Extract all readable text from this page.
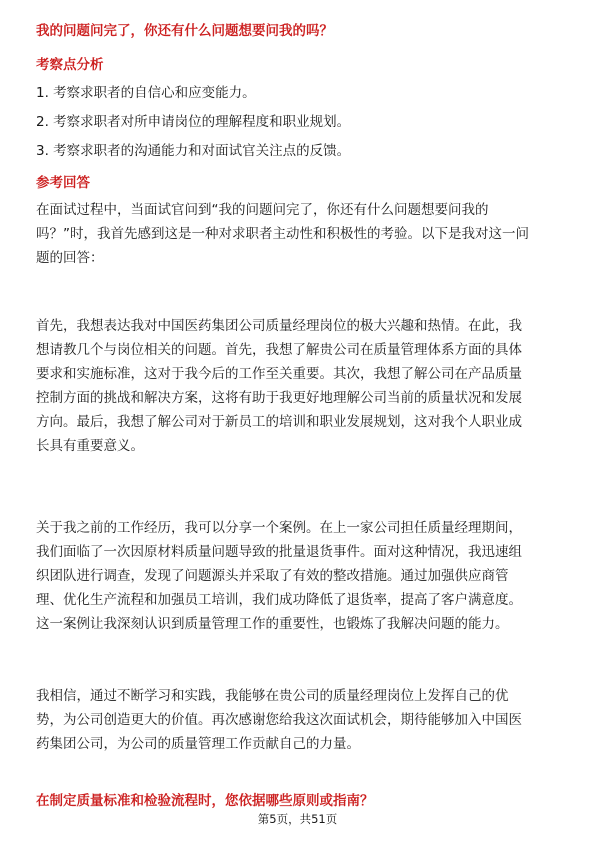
我的问题问完了，你还有什么问题想要问我的吗？
考察点分析
1. 考察求职者的自信心和应变能力。
2. 考察求职者对所申请岗位的理解程度和职业规划。
3. 考察求职者的沟通能力和对面试官关注点的反馈。
参考回答
在面试过程中，当面试官问到“我的问题问完了，你还有什么问题想要问我的
吗？”时，我首先感到这是一种对求职者主动性和积极性的考验。以下是我对这一问
题的回答：
首先，我想表达我对中国医药集团公司质量经理岗位的极大兴趣和热情。在此，我
想请教几个与岗位相关的问题。首先，我想了解贵公司在质量管理体系方面的具体
要求和实施标准，这对于我今后的工作至关重要。其次，我想了解公司在产品质量
控制方面的挑战和解决方案，这将有助于我更好地理解公司当前的质量状况和发展
方向。最后，我想了解公司对于新员工的培训和职业发展规划，这对我个人职业成
长具有重要意义。
关于我之前的工作经历，我可以分享一个案例。在上一家公司担任质量经理期间，
我们面临了一次因原材料质量问题导致的批量退货事件。面对这种情况，我迅速组
织团队进行调查，发现了问题源头并采取了有效的整改措施。通过加强供应商管
理、优化生产流程和加强员工培训，我们成功降低了退货率，提高了客户满意度。
这一案例让我深刻认识到质量管理工作的重要性，也锻炼了我解决问题的能力。
我相信，通过不断学习和实践，我能够在贵公司的质量经理岗位上发挥自己的优
势，为公司创造更大的价值。再次感谢您给我这次面试机会，期待能够加入中国医
药集团公司，为公司的质量管理工作贡献自己的力量。
在制定质量标准和检验流程时，您依据哪些原则或指南？
第5页，共51页
